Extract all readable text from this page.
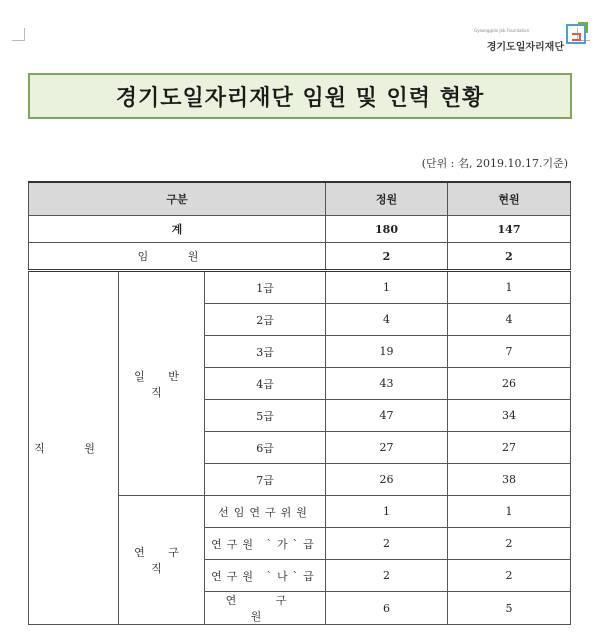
Gyeonggido Job Foundation
경기도일자리재단
경기도일자리재단 임원 및 인력 현황
(단위 : 名, 2019.10.17.기준)
구분			정원	현원
계			180	147
임 원			2	2
직 원	일 반 직	1급	1	1
		2급	4	4
		3급	19	7
		4급	43	26
		5급	47	34
		6급	27	27
		7급	26	38
	연 구 직	선임연구위원	1	1
		연구원 `가`급	2	2
		연구원 `나`급	2	2
		연 구 원	6	5
